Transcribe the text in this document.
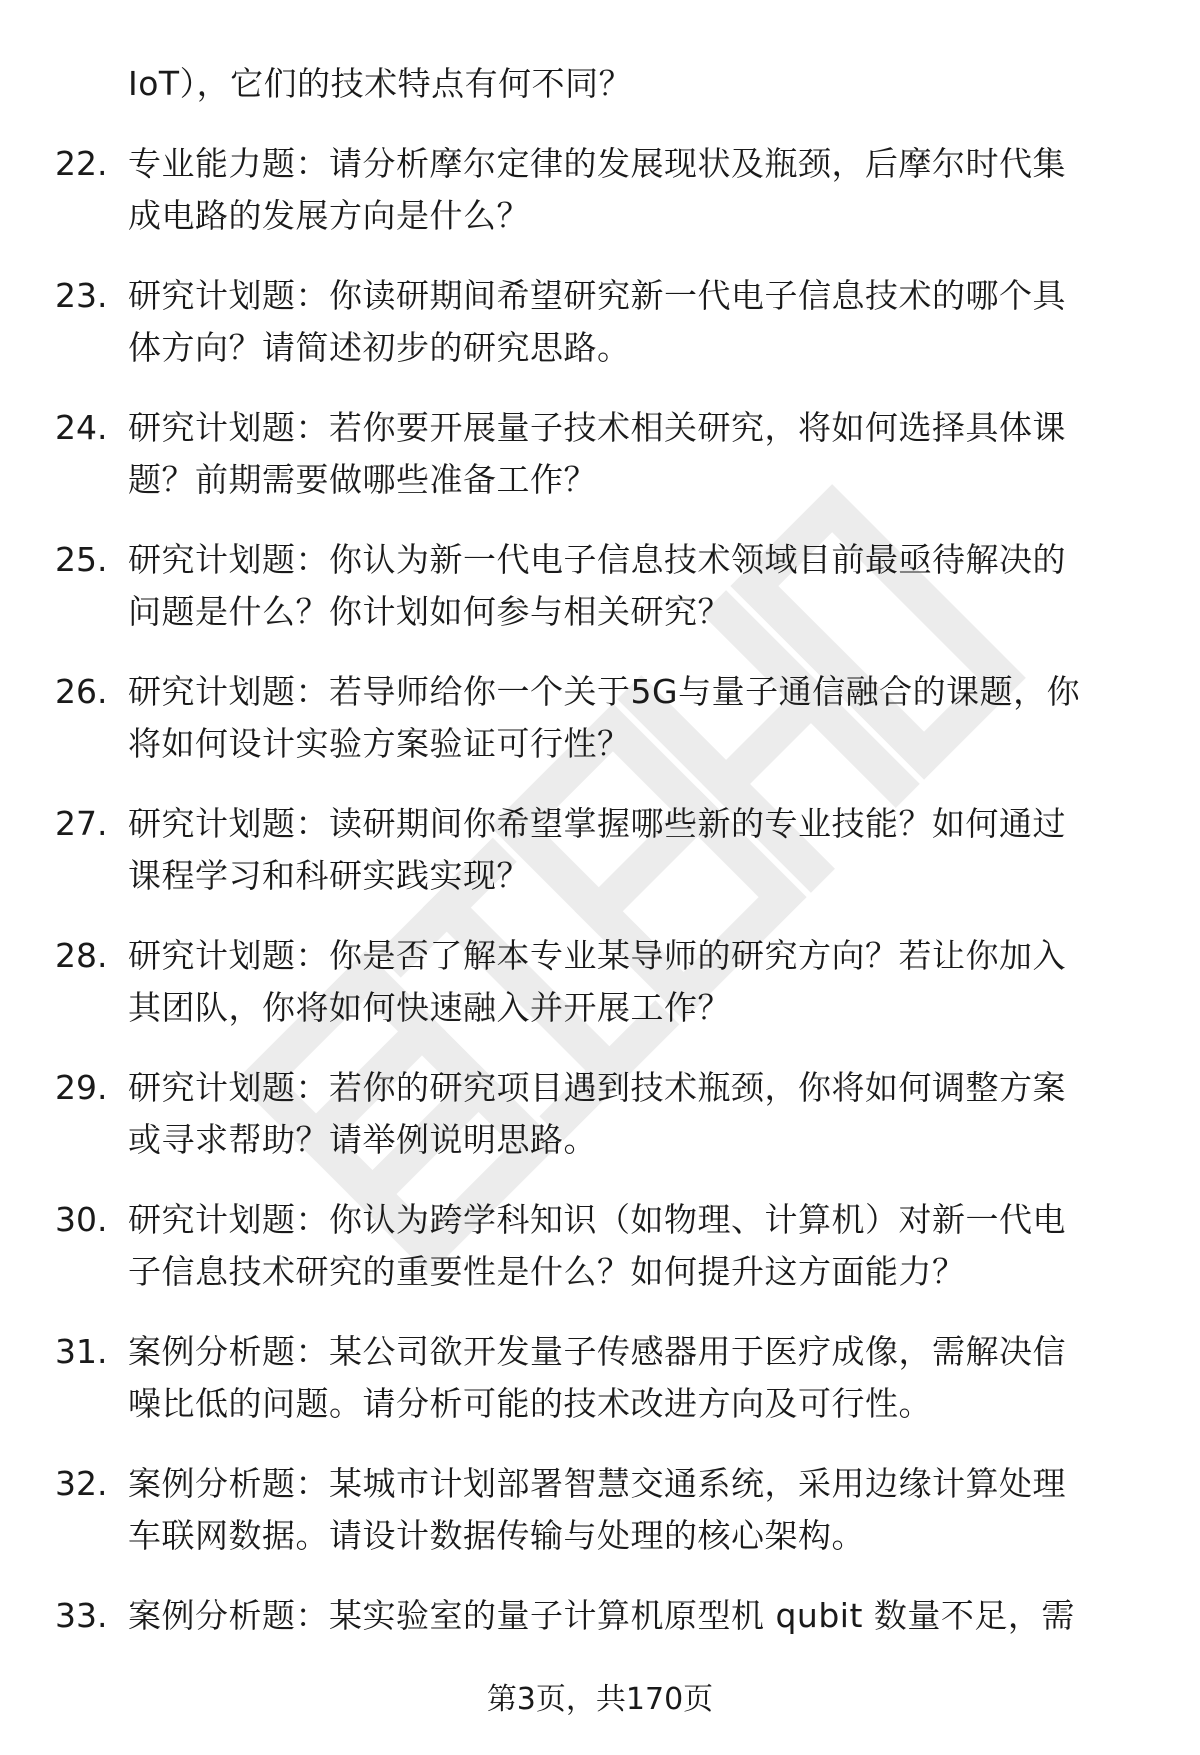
IoT），它们的技术特点有何不同？
22. 专业能力题：请分析摩尔定律的发展现状及瓶颈，后摩尔时代集
成电路的发展方向是什么？
23. 研究计划题：你读研期间希望研究新一代电子信息技术的哪个具
体方向？请简述初步的研究思路。
24. 研究计划题：若你要开展量子技术相关研究，将如何选择具体课
题？前期需要做哪些准备工作？
25. 研究计划题：你认为新一代电子信息技术领域目前最亟待解决的
问题是什么？你计划如何参与相关研究？
26. 研究计划题：若导师给你一个关于5G与量子通信融合的课题，你
将如何设计实验方案验证可行性？
27. 研究计划题：读研期间你希望掌握哪些新的专业技能？如何通过
课程学习和科研实践实现？
28. 研究计划题：你是否了解本专业某导师的研究方向？若让你加入
其团队，你将如何快速融入并开展工作？
29. 研究计划题：若你的研究项目遇到技术瓶颈，你将如何调整方案
或寻求帮助？请举例说明思路。
30. 研究计划题：你认为跨学科知识（如物理、计算机）对新一代电
子信息技术研究的重要性是什么？如何提升这方面能力？
31. 案例分析题：某公司欲开发量子传感器用于医疗成像，需解决信
噪比低的问题。请分析可能的技术改进方向及可行性。
32. 案例分析题：某城市计划部署智慧交通系统，采用边缘计算处理
车联网数据。请设计数据传输与处理的核心架构。
33. 案例分析题：某实验室的量子计算机原型机 qubit 数量不足，需
第3页，共170页
